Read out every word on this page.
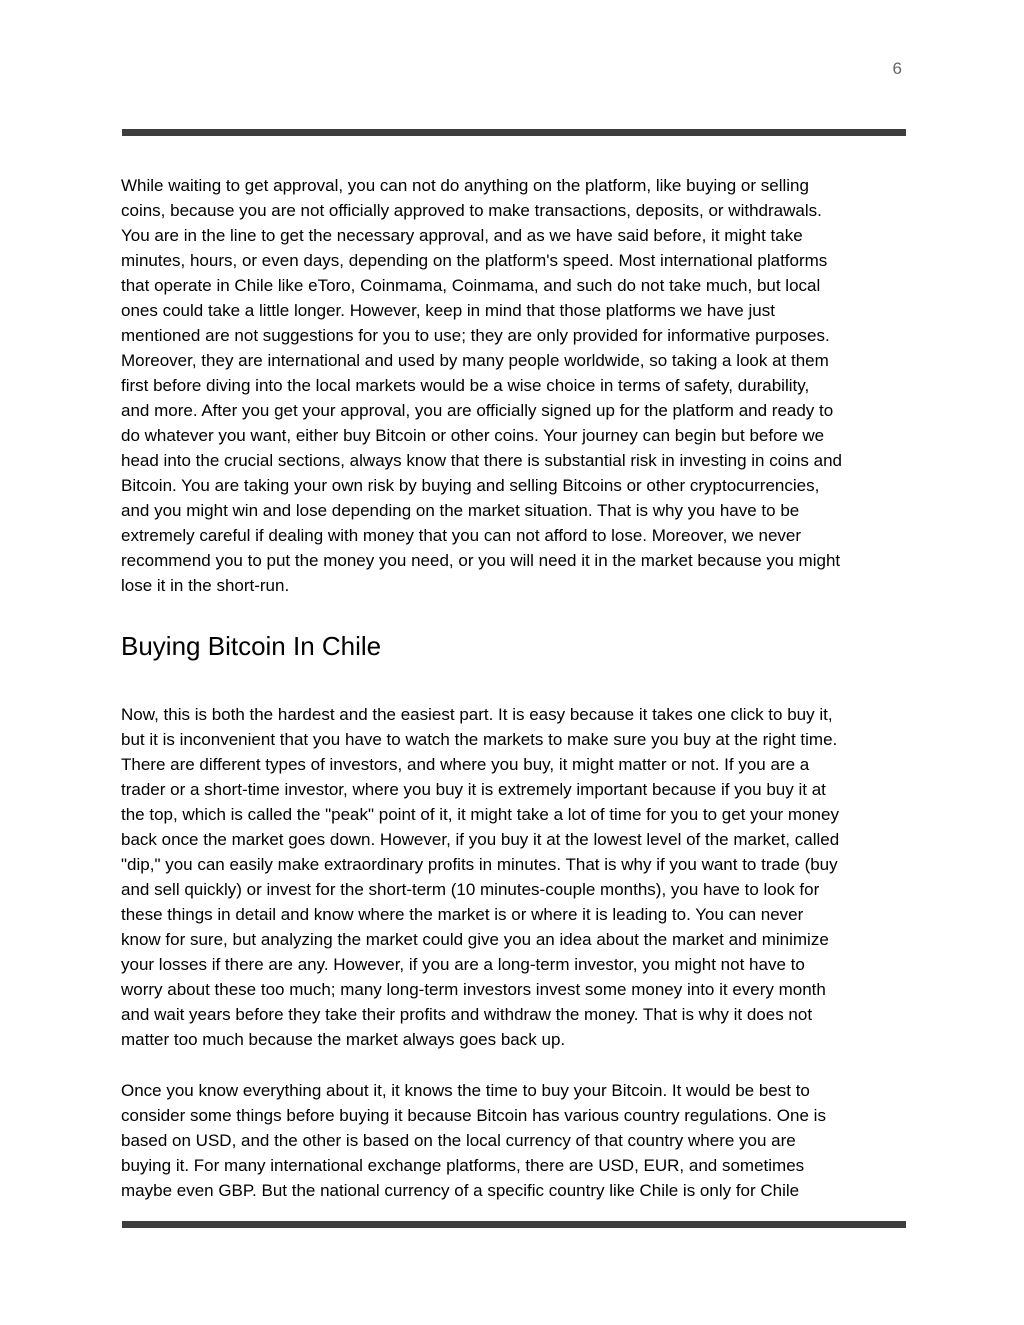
6

While waiting to get approval, you can not do anything on the platform, like buying or selling
coins, because you are not officially approved to make transactions, deposits, or withdrawals.
You are in the line to get the necessary approval, and as we have said before, it might take
minutes, hours, or even days, depending on the platform's speed. Most international platforms
that operate in Chile like eToro, Coinmama, Coinmama, and such do not take much, but local
ones could take a little longer. However, keep in mind that those platforms we have just
mentioned are not suggestions for you to use; they are only provided for informative purposes.
Moreover, they are international and used by many people worldwide, so taking a look at them
first before diving into the local markets would be a wise choice in terms of safety, durability,
and more. After you get your approval, you are officially signed up for the platform and ready to
do whatever you want, either buy Bitcoin or other coins. Your journey can begin but before we
head into the crucial sections, always know that there is substantial risk in investing in coins and
Bitcoin. You are taking your own risk by buying and selling Bitcoins or other cryptocurrencies,
and you might win and lose depending on the market situation. That is why you have to be
extremely careful if dealing with money that you can not afford to lose. Moreover, we never
recommend you to put the money you need, or you will need it in the market because you might
lose it in the short-run.

Buying Bitcoin In Chile

Now, this is both the hardest and the easiest part. It is easy because it takes one click to buy it,
but it is inconvenient that you have to watch the markets to make sure you buy at the right time.
There are different types of investors, and where you buy, it might matter or not. If you are a
trader or a short-time investor, where you buy it is extremely important because if you buy it at
the top, which is called the "peak" point of it, it might take a lot of time for you to get your money
back once the market goes down. However, if you buy it at the lowest level of the market, called
"dip," you can easily make extraordinary profits in minutes. That is why if you want to trade (buy
and sell quickly) or invest for the short-term (10 minutes-couple months), you have to look for
these things in detail and know where the market is or where it is leading to. You can never
know for sure, but analyzing the market could give you an idea about the market and minimize
your losses if there are any. However, if you are a long-term investor, you might not have to
worry about these too much; many long-term investors invest some money into it every month
and wait years before they take their profits and withdraw the money. That is why it does not
matter too much because the market always goes back up.

Once you know everything about it, it knows the time to buy your Bitcoin. It would be best to
consider some things before buying it because Bitcoin has various country regulations. One is
based on USD, and the other is based on the local currency of that country where you are
buying it. For many international exchange platforms, there are USD, EUR, and sometimes
maybe even GBP. But the national currency of a specific country like Chile is only for Chile
